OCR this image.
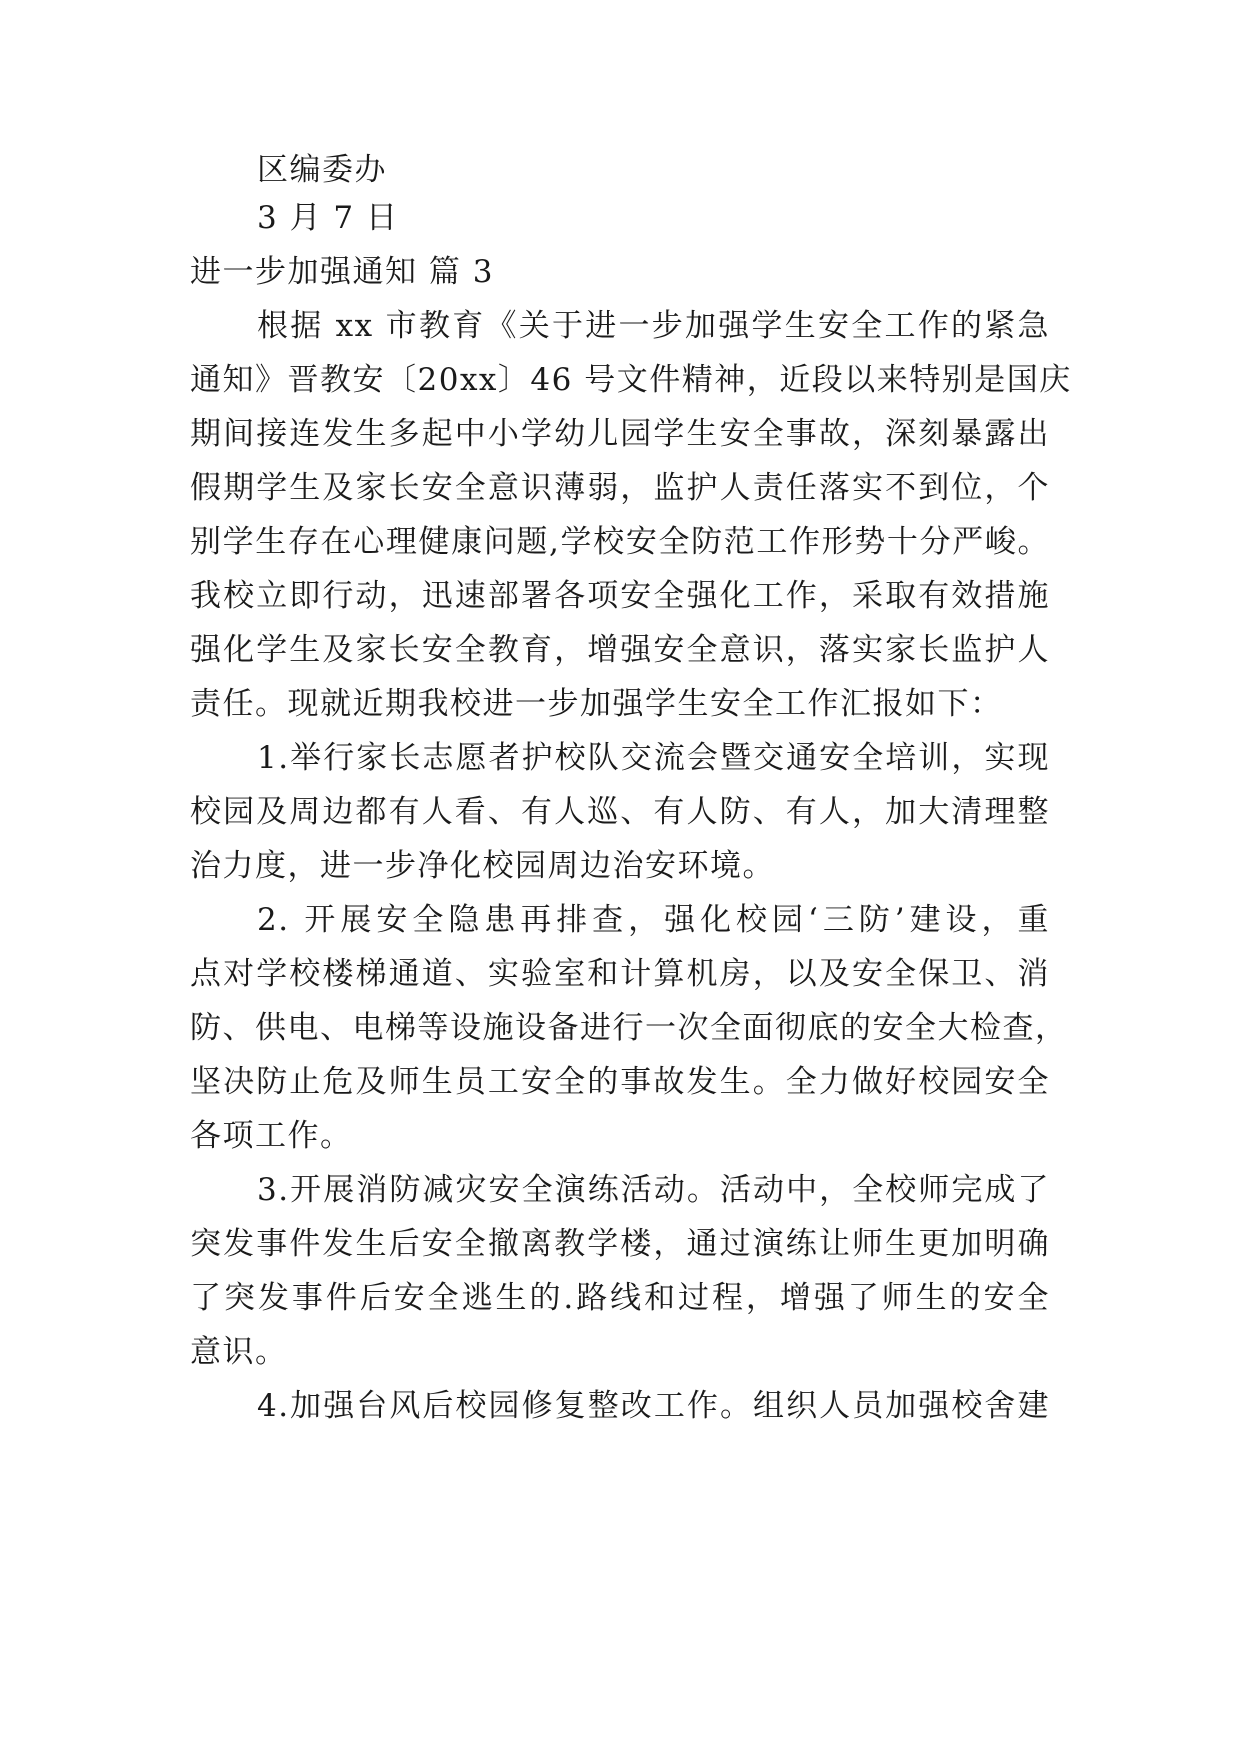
区编委办
3 月 7 日
进一步加强通知 篇 3
根据 xx 市教育《关于进一步加强学生安全工作的紧急
通知》晋教安〔20xx〕46 号文件精神，近段以来特别是国庆
期间接连发生多起中小学幼儿园学生安全事故，深刻暴露出
假期学生及家长安全意识薄弱，监护人责任落实不到位，个
别学生存在心理健康问题,学校安全防范工作形势十分严峻。
我校立即行动，迅速部署各项安全强化工作，采取有效措施
强化学生及家长安全教育，增强安全意识，落实家长监护人
责任。现就近期我校进一步加强学生安全工作汇报如下：
1.举行家长志愿者护校队交流会暨交通安全培训，实现
校园及周边都有人看、有人巡、有人防、有人，加大清理整
治力度，进一步净化校园周边治安环境。
2. 开展安全隐患再排查，强化校园‘三防’建设，重
点对学校楼梯通道、实验室和计算机房，以及安全保卫、消
防、供电、电梯等设施设备进行一次全面彻底的安全大检查，
坚决防止危及师生员工安全的事故发生。全力做好校园安全
各项工作。
3.开展消防减灾安全演练活动。活动中，全校师完成了
突发事件发生后安全撤离教学楼，通过演练让师生更加明确
了突发事件后安全逃生的.路线和过程，增强了师生的安全
意识。
4.加强台风后校园修复整改工作。组织人员加强校舍建
